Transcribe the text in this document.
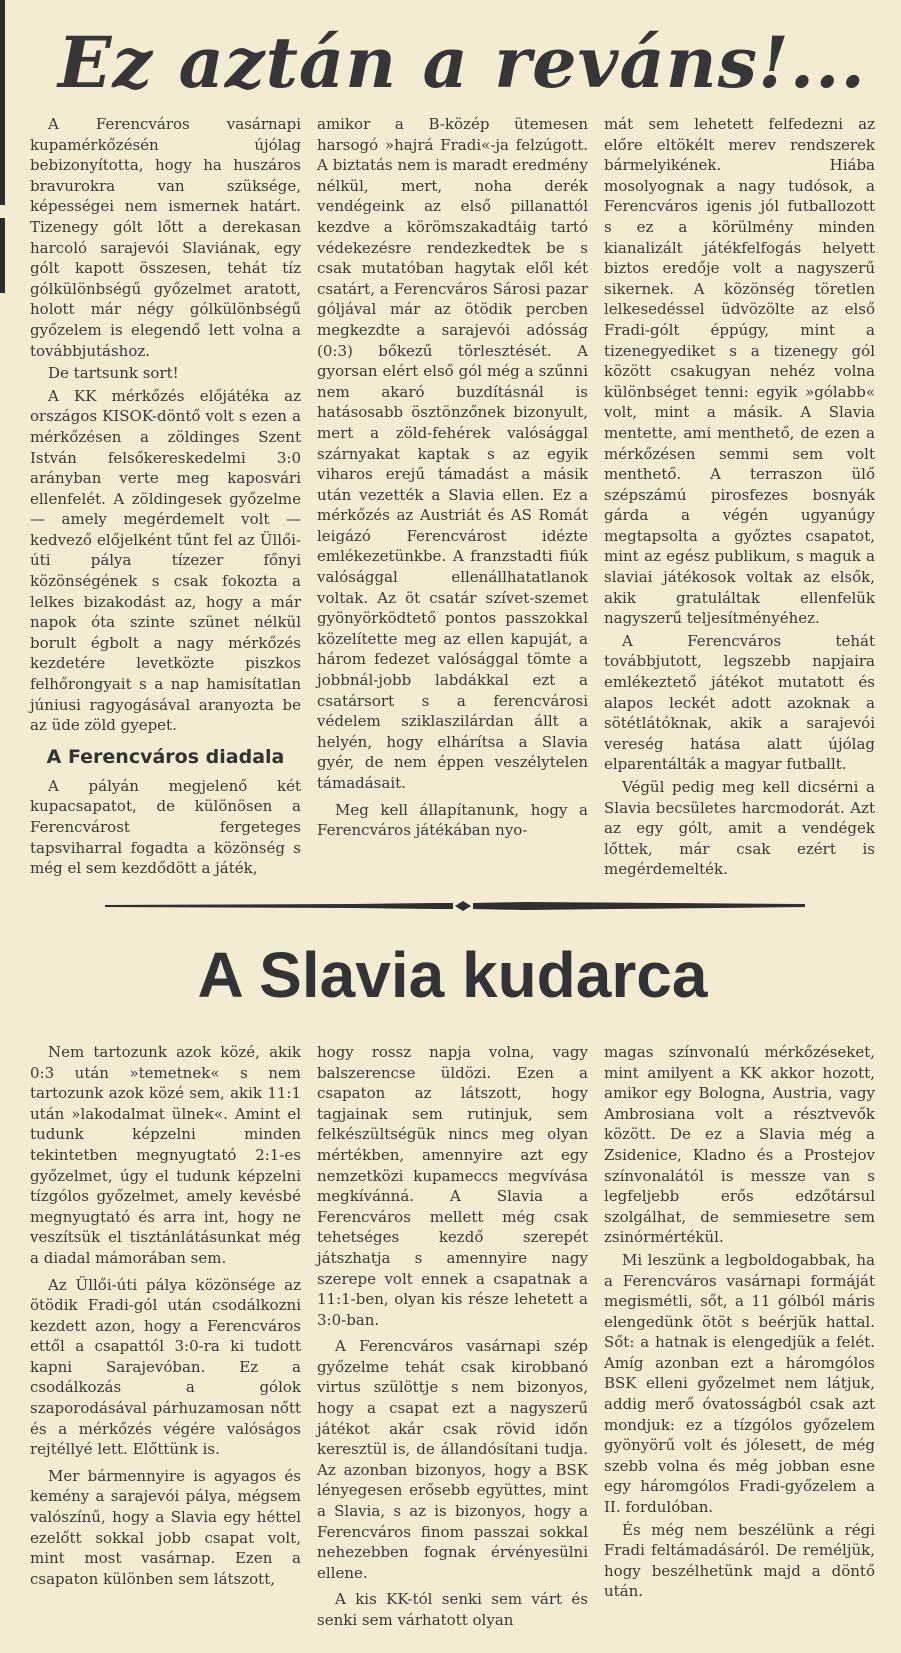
Ez aztán a reváns!...

A Ferencváros vasárnapi kupamérkőzésén újólag bebizonyította, hogy ha huszáros bravurokra van szüksége, képességei nem ismernek határt. Tizenegy gólt lőtt a derekasan harcoló sarajevói Slaviának, egy gólt kapott összesen, tehát tíz gólkülönbségű győzelmet aratott, holott már négy gólkülönbségű győzelem is elegendő lett volna a továbbjutáshoz.

De tartsunk sort!

A KK mérkőzés előjátéka az országos KISOK-döntő volt s ezen a mérkőzésen a zöldinges Szent István felsőkereskedelmi 3:0 arányban verte meg kaposvári ellenfelét. A zöldingesek győzelme — amely megérdemelt volt — kedvező előjelként tűnt fel az Üllői-úti pálya tízezer főnyi közönségének s csak fokozta a lelkes bizakodást az, hogy a már napok óta szinte szünet nélkül borult égbolt a nagy mérkőzés kezdetére levetközte piszkos felhőrongyait s a nap hamisítatlan júniusi ragyogásával aranyozta be az üde zöld gyepet.

A Ferencváros diadala

A pályán megjelenő két kupacsapatot, de különösen a Ferencvárost fergeteges tapsviharral fogadta a közönség s még el sem kezdődött a játék,

amikor a B-közép ütemesen harsogó »hajrá Fradi«-ja felzúgott. A biztatás nem is maradt eredmény nélkül, mert, noha derék vendégeink az első pillanattól kezdve a körömszakadtáig tartó védekezésre rendezkedtek be s csak mutatóban hagytak elől két csatárt, a Ferencváros Sárosi pazar góljával már az ötödik percben megkezdte a sarajevói adósság (0:3) bőkezű törlesztését. A gyorsan elért első gól még a szűnni nem akaró buzdításnál is hatásosabb ösztönzőnek bizonyult, mert a zöld-fehérek valósággal szárnyakat kaptak s az egyik viharos erejű támadást a másik után vezették a Slavia ellen. Ez a mérkőzés az Austriát és AS Romát leigázó Ferencvárost idézte emlékezetünkbe. A franzstadti fiúk valósággal ellenállhatatlanok voltak. Az öt csatár szívet-szemet gyönyörködtető pontos passzokkal közelítette meg az ellen kapuját, a három fedezet valósággal tömte a jobbnál-jobb labdákkal ezt a csatársort s a ferencvárosi védelem sziklaszilárdan állt a helyén, hogy elhárítsa a Slavia gyér, de nem éppen veszélytelen támadásait.

Meg kell állapítanunk, hogy a Ferencváros játékában nyo-

mát sem lehetett felfedezni az előre eltökélt merev rendszerek bármelyikének. Hiába mosolyognak a nagy tudósok, a Ferencváros igenis jól futballozott s ez a körülmény minden kianalizált játékfelfogás helyett biztos eredője volt a nagyszerű sikernek. A közönség töretlen lelkesedéssel üdvözölte az első Fradi-gólt éppúgy, mint a tizenegyediket s a tizenegy gól között csakugyan nehéz volna különbséget tenni: egyik »gólabb« volt, mint a másik. A Slavia mentette, ami menthető, de ezen a mérkőzésen semmi sem volt menthető. A terraszon ülő szépszámú pirosfezes bosnyák gárda a végén ugyanúgy megtapsolta a győztes csapatot, mint az egész publikum, s maguk a slaviai játékosok voltak az elsők, akik gratuláltak ellenfelük nagyszerű teljesítményéhez.

A Ferencváros tehát továbbjutott, legszebb napjaira emlékeztető játékot mutatott és alapos leckét adott azoknak a sötétlátóknak, akik a sarajevói vereség hatása alatt újólag elparentálták a magyar futballt.

Végül pedig meg kell dicsérni a Slavia becsületes harcmodorát. Azt az egy gólt, amit a vendégek lőttek, már csak ezért is megérdemelték.

A Slavia kudarca

Nem tartozunk azok közé, akik 0:3 után »temetnek« s nem tartozunk azok közé sem, akik 11:1 után »lakodalmat ülnek«. Amint el tudunk képzelni minden tekintetben megnyugtató 2:1-es győzelmet, úgy el tudunk képzelni tízgólos győzelmet, amely kevésbé megnyugtató és arra int, hogy ne veszítsük el tisztánlátásunkat még a diadal mámorában sem.

Az Üllői-úti pálya közönsége az ötödik Fradi-gól után csodálkozni kezdett azon, hogy a Ferencváros ettől a csapattól 3:0-ra ki tudott kapni Sarajevóban. Ez a csodálkozás a gólok szaporodásával párhuzamosan nőtt és a mérkőzés végére valóságos rejtéllyé lett. Előttünk is.

Mer bármennyire is agyagos és kemény a sarajevói pálya, mégsem valószínű, hogy a Slavia egy héttel ezelőtt sokkal jobb csapat volt, mint most vasárnap. Ezen a csapaton különben sem látszott,

hogy rossz napja volna, vagy balszerencse üldözi. Ezen a csapaton az látszott, hogy tagjainak sem rutinjuk, sem felkészültségük nincs meg olyan mértékben, amennyire azt egy nemzetközi kupameccs megvívása megkívánná. A Slavia a Ferencváros mellett még csak tehetséges kezdő szerepét játszhatja s amennyire nagy szerepe volt ennek a csapatnak a 11:1-ben, olyan kis része lehetett a 3:0-ban.

A Ferencváros vasárnapi szép győzelme tehát csak kirobbanó virtus szülöttje s nem bizonyos, hogy a csapat ezt a nagyszerű játékot akár csak rövid időn keresztül is, de állandósítani tudja. Az azonban bizonyos, hogy a BSK lényegesen erősebb együttes, mint a Slavia, s az is bizonyos, hogy a Ferencváros finom passzai sokkal nehezebben fognak érvényesülni ellene.

A kis KK-tól senki sem várt és senki sem várhatott olyan

magas színvonalú mérkőzéseket, mint amilyent a KK akkor hozott, amikor egy Bologna, Austria, vagy Ambrosiana volt a résztvevők között. De ez a Slavia még a Zsidenice, Kladno és a Prostejov színvonalától is messze van s legfeljebb erős edzőtársul szolgálhat, de semmiesetre sem zsinórmértékül.

Mi leszünk a legboldogabbak, ha a Ferencváros vasárnapi formáját megismétli, sőt, a 11 gólból máris elengedünk ötöt s beérjük hattal. Sőt: a hatnak is elengedjük a felét. Amíg azonban ezt a háromgólos BSK elleni győzelmet nem látjuk, addig merő óvatosságból csak azt mondjuk: ez a tízgólos győzelem gyönyörű volt és jólesett, de még szebb volna és még jobban esne egy háromgólos Fradi-győzelem a II. fordulóban.

És még nem beszélünk a régi Fradi feltámadásáról. De reméljük, hogy beszélhetünk majd a döntő után.
